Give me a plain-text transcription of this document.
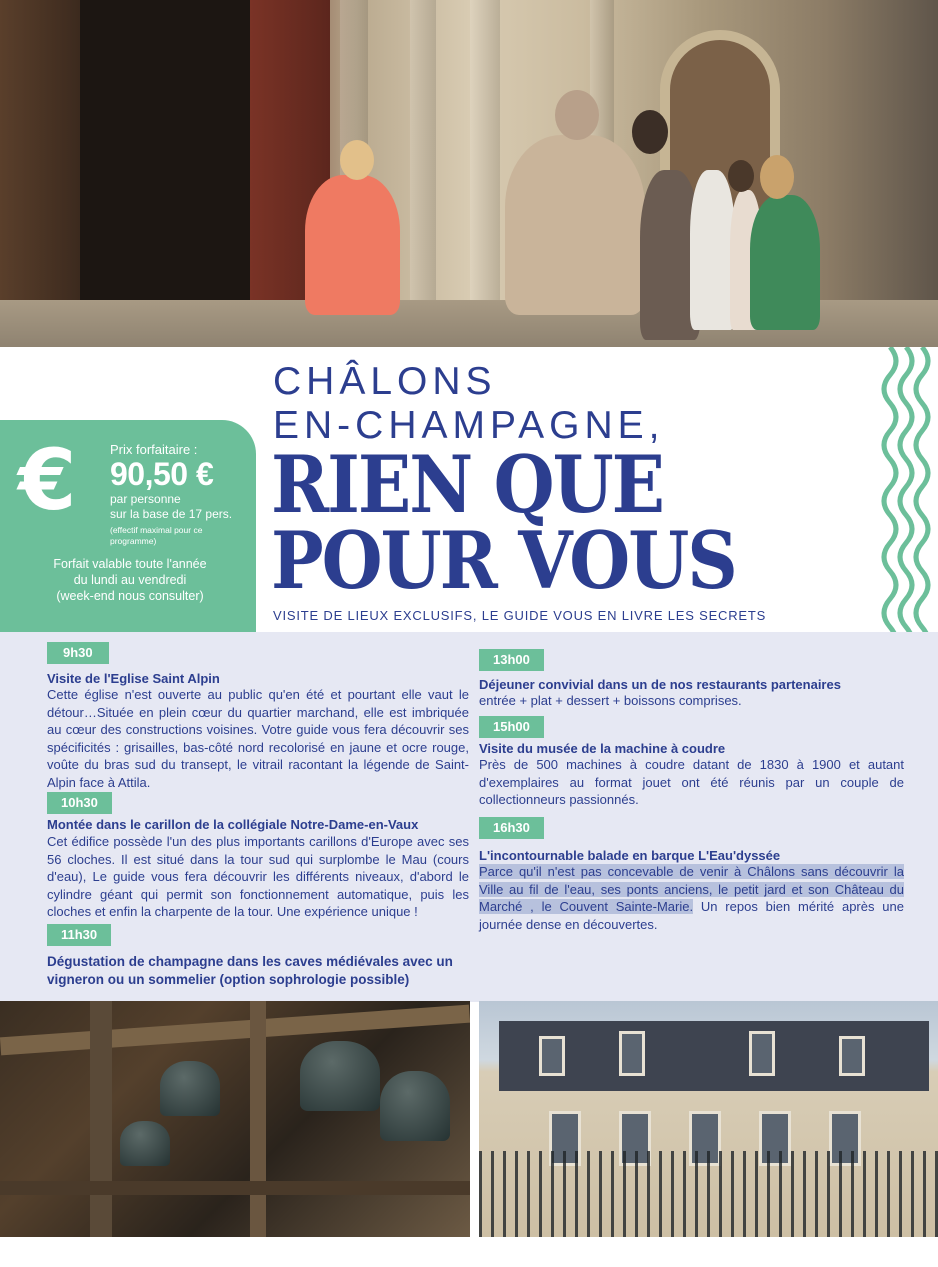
€	Prix forfaitaire :
90,50 €
par personne
sur la base de 17 pers.
(effectif maximal pour ce programme)
Forfait valable toute l'année
du lundi au vendredi
(week-end nous consulter)
CHÂLONS
EN-CHAMPAGNE,
RIEN QUE
POUR VOUS
VISITE DE LIEUX EXCLUSIFS, LE GUIDE VOUS EN LIVRE LES SECRETS
9h30
Visite de l'Eglise Saint Alpin
Cette église n'est ouverte au public qu'en été et pourtant elle vaut le détour…Située en plein cœur du quartier marchand, elle est imbriquée au cœur des constructions voisines. Votre guide vous fera découvrir ses spécificités : grisailles, bas-côté nord recolorisé en jaune et ocre rouge, voûte du bras sud du transept, le vitrail racontant la légende de Saint-Alpin face à Attila.
10h30
Montée dans le carillon de la collégiale Notre-Dame-en-Vaux
Cet édifice possède l'un des plus importants carillons d'Europe avec ses 56 cloches. Il est situé dans la tour sud qui surplombe le Mau (cours d'eau), Le guide vous fera découvrir les différents niveaux, d'abord le cylindre géant qui permit son fonctionnement automatique, puis les cloches et enfin la charpente de la tour. Une expérience unique !
11h30
Dégustation de champagne dans les caves médiévales avec un vigneron ou un sommelier (option sophrologie possible)
13h00
Déjeuner convivial dans un de nos restaurants partenaires
entrée + plat + dessert + boissons comprises.
15h00
Visite du musée de la machine à coudre
Près de 500 machines à coudre datant de 1830 à 1900 et autant d'exemplaires au format jouet ont été réunis par un couple de collectionneurs passionnés.
16h30
L'incontournable balade en barque L'Eau'dyssée
Parce qu'il n'est pas concevable de venir à Châlons sans découvrir la Ville au fil de l'eau, ses ponts anciens, le petit jard et son Château du Marché , le Couvent Sainte-Marie. Un repos bien mérité après une journée dense en découvertes.
